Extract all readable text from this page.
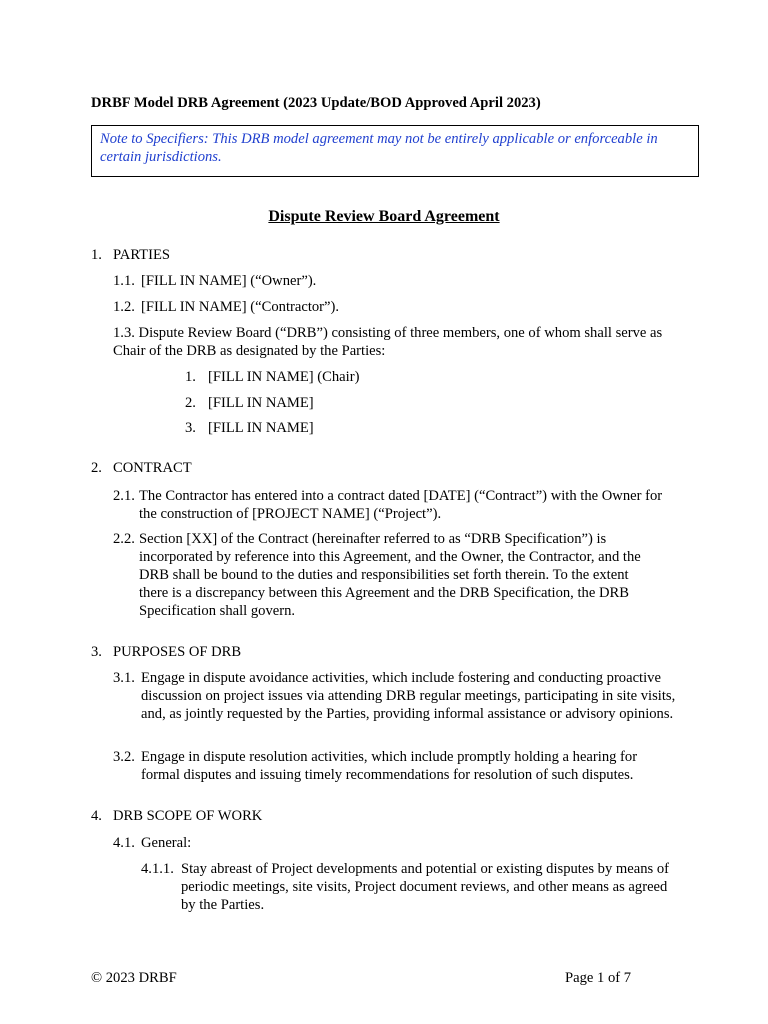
DRBF Model DRB Agreement (2023 Update/BOD Approved April 2023)
Note to Specifiers: This DRB model agreement may not be entirely applicable or enforceable in certain jurisdictions.
Dispute Review Board Agreement
1. PARTIES
1.1. [FILL IN NAME] (“Owner”).
1.2. [FILL IN NAME] (“Contractor”).
1.3. Dispute Review Board (“DRB”) consisting of three members, one of whom shall serve as Chair of the DRB as designated by the Parties:
1. [FILL IN NAME] (Chair)
2. [FILL IN NAME]
3. [FILL IN NAME]
2. CONTRACT
2.1. The Contractor has entered into a contract dated [DATE] (“Contract”) with the Owner for the construction of [PROJECT NAME] (“Project”).
2.2. Section [XX] of the Contract (hereinafter referred to as “DRB Specification”) is incorporated by reference into this Agreement, and the Owner, the Contractor, and the DRB shall be bound to the duties and responsibilities set forth therein. To the extent there is a discrepancy between this Agreement and the DRB Specification, the DRB Specification shall govern.
3. PURPOSES OF DRB
3.1. Engage in dispute avoidance activities, which include fostering and conducting proactive discussion on project issues via attending DRB regular meetings, participating in site visits, and, as jointly requested by the Parties, providing informal assistance or advisory opinions.
3.2. Engage in dispute resolution activities, which include promptly holding a hearing for formal disputes and issuing timely recommendations for resolution of such disputes.
4. DRB SCOPE OF WORK
4.1. General:
4.1.1. Stay abreast of Project developments and potential or existing disputes by means of periodic meetings, site visits, Project document reviews, and other means as agreed by the Parties.
© 2023 DRBF	Page 1 of 7
